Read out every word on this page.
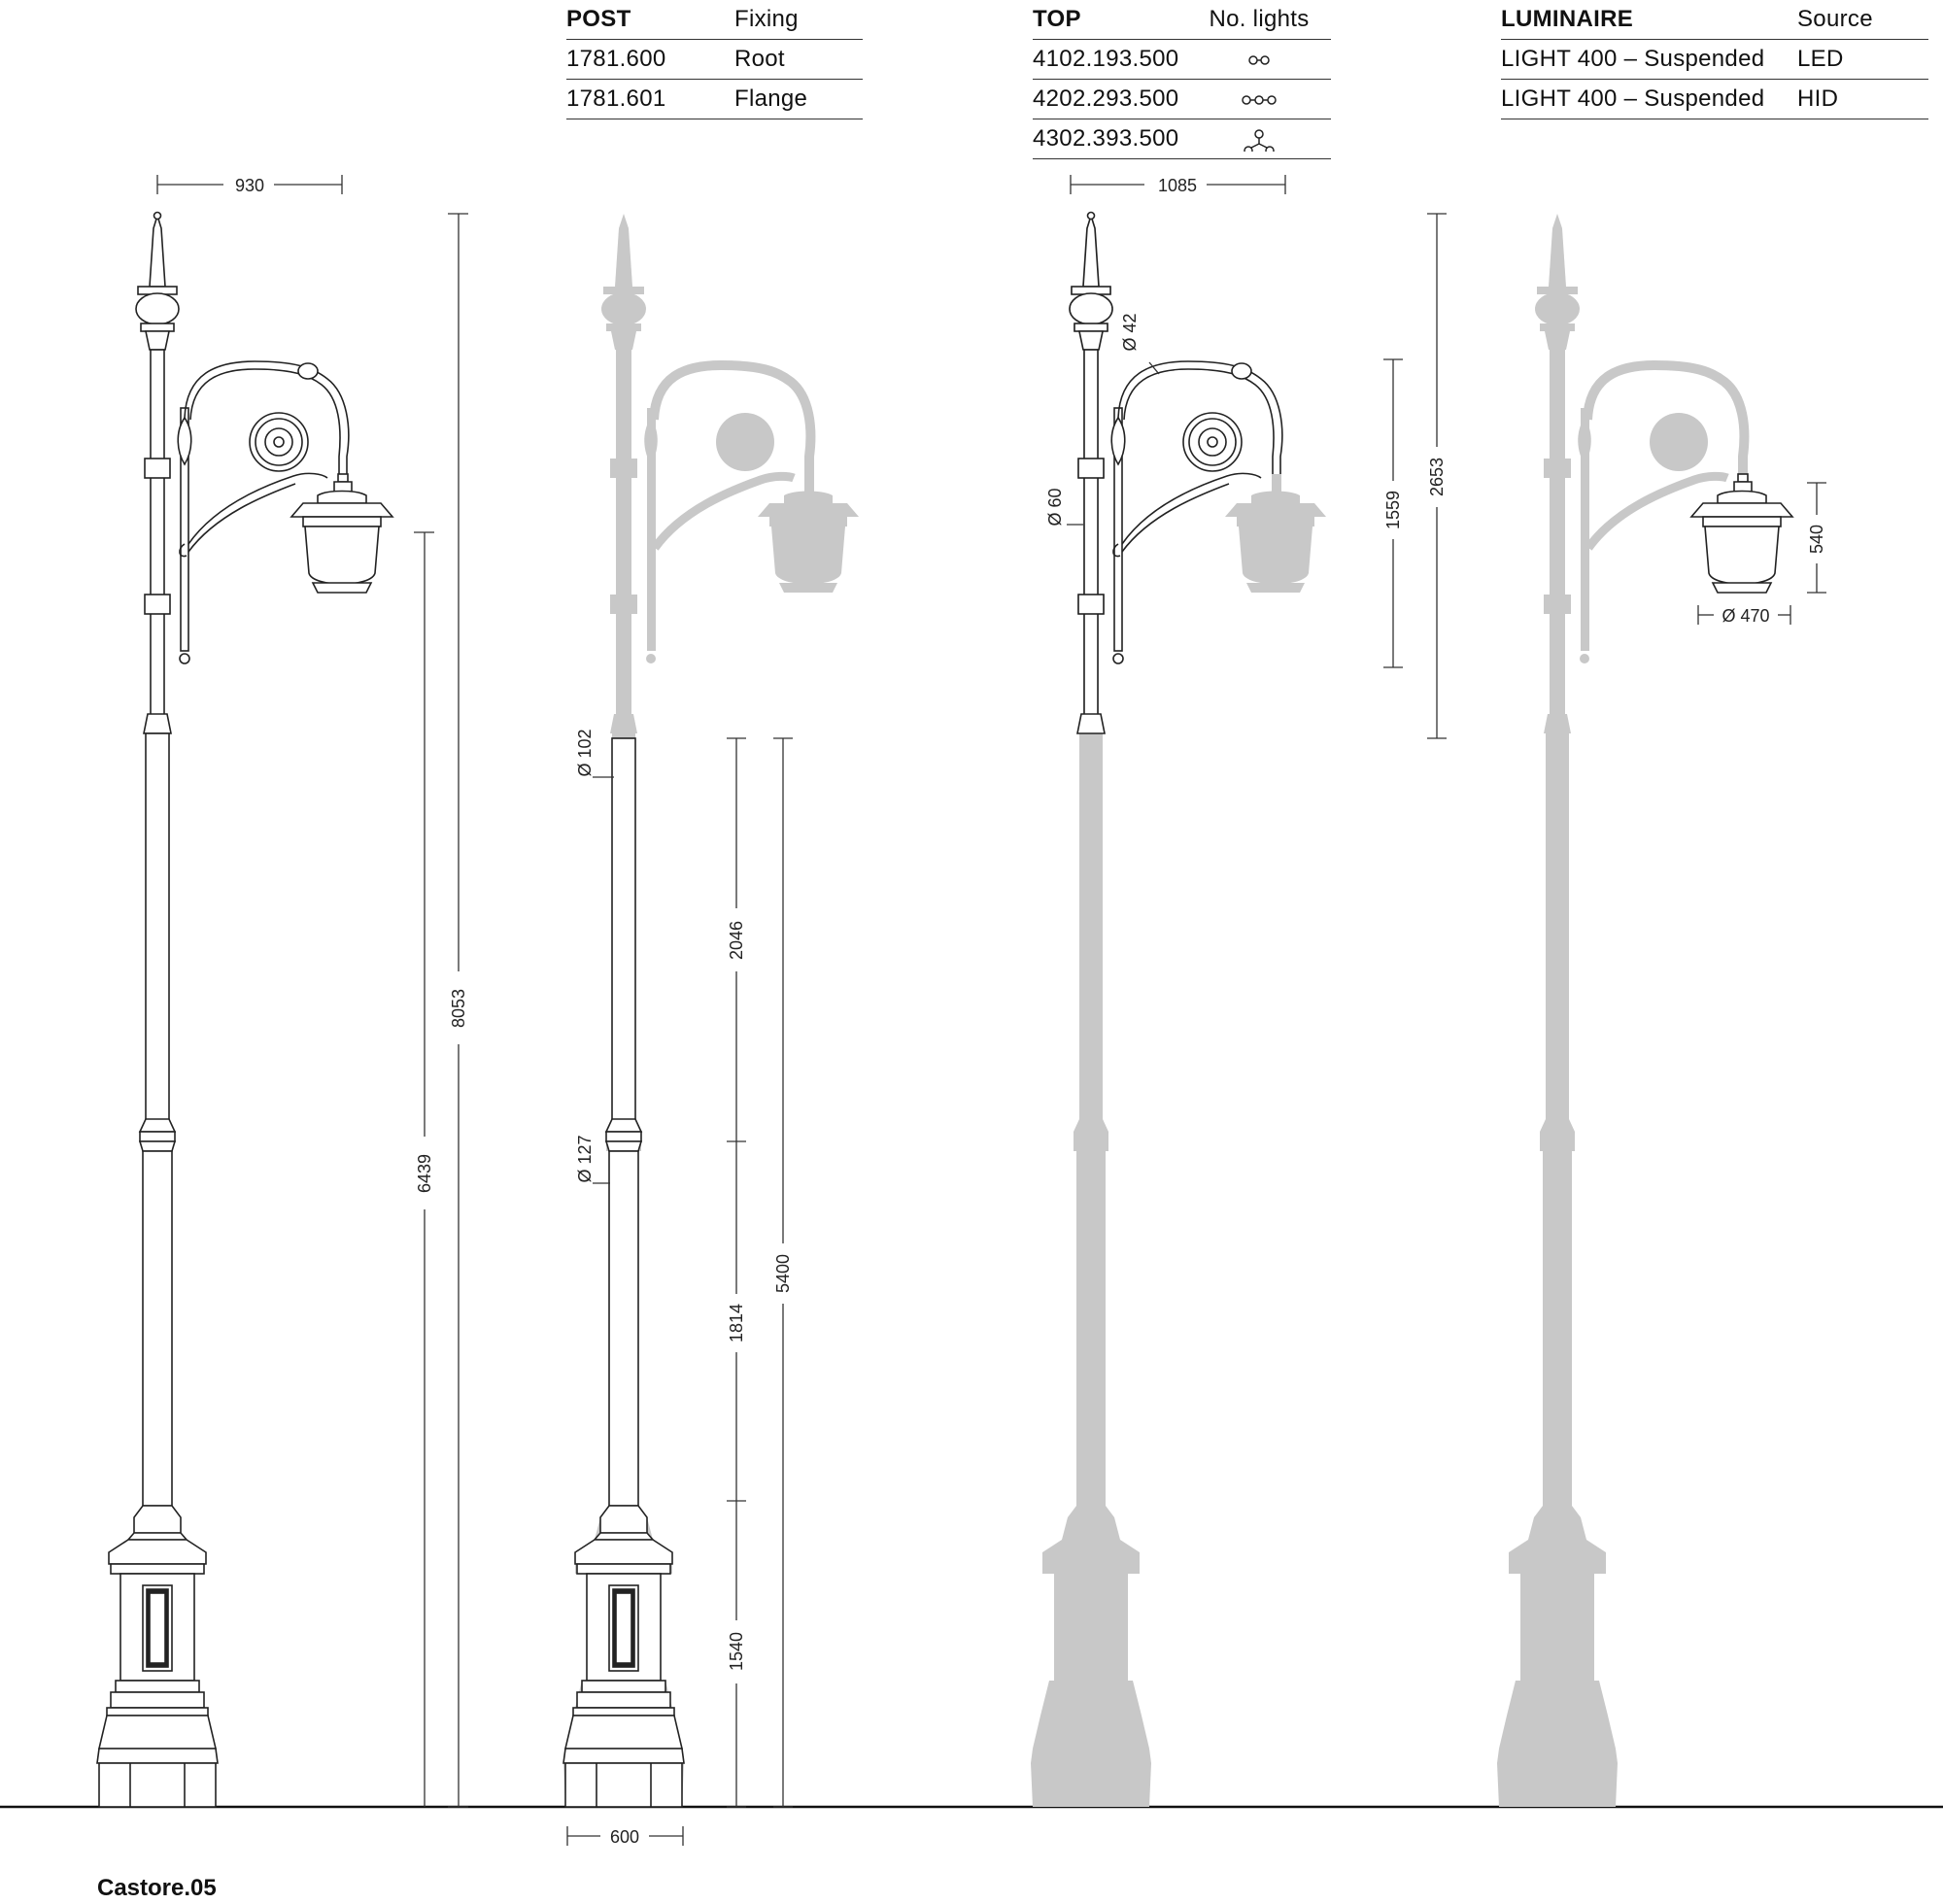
POST	Fixing
1781.600	Root
1781.601	Flange
TOP	No. lights
4102.193.500
4202.293.500
4302.393.500
LUMINAIRE	Source
LIGHT 400 – Suspended	LED
LIGHT 400 – Suspended	HID
930
8053
6439
600
Ø 102
Ø 127
2046
1814
1540
5400
1085
Ø 42
Ø 60	1559
2653
540
Ø 470
Castore.05
